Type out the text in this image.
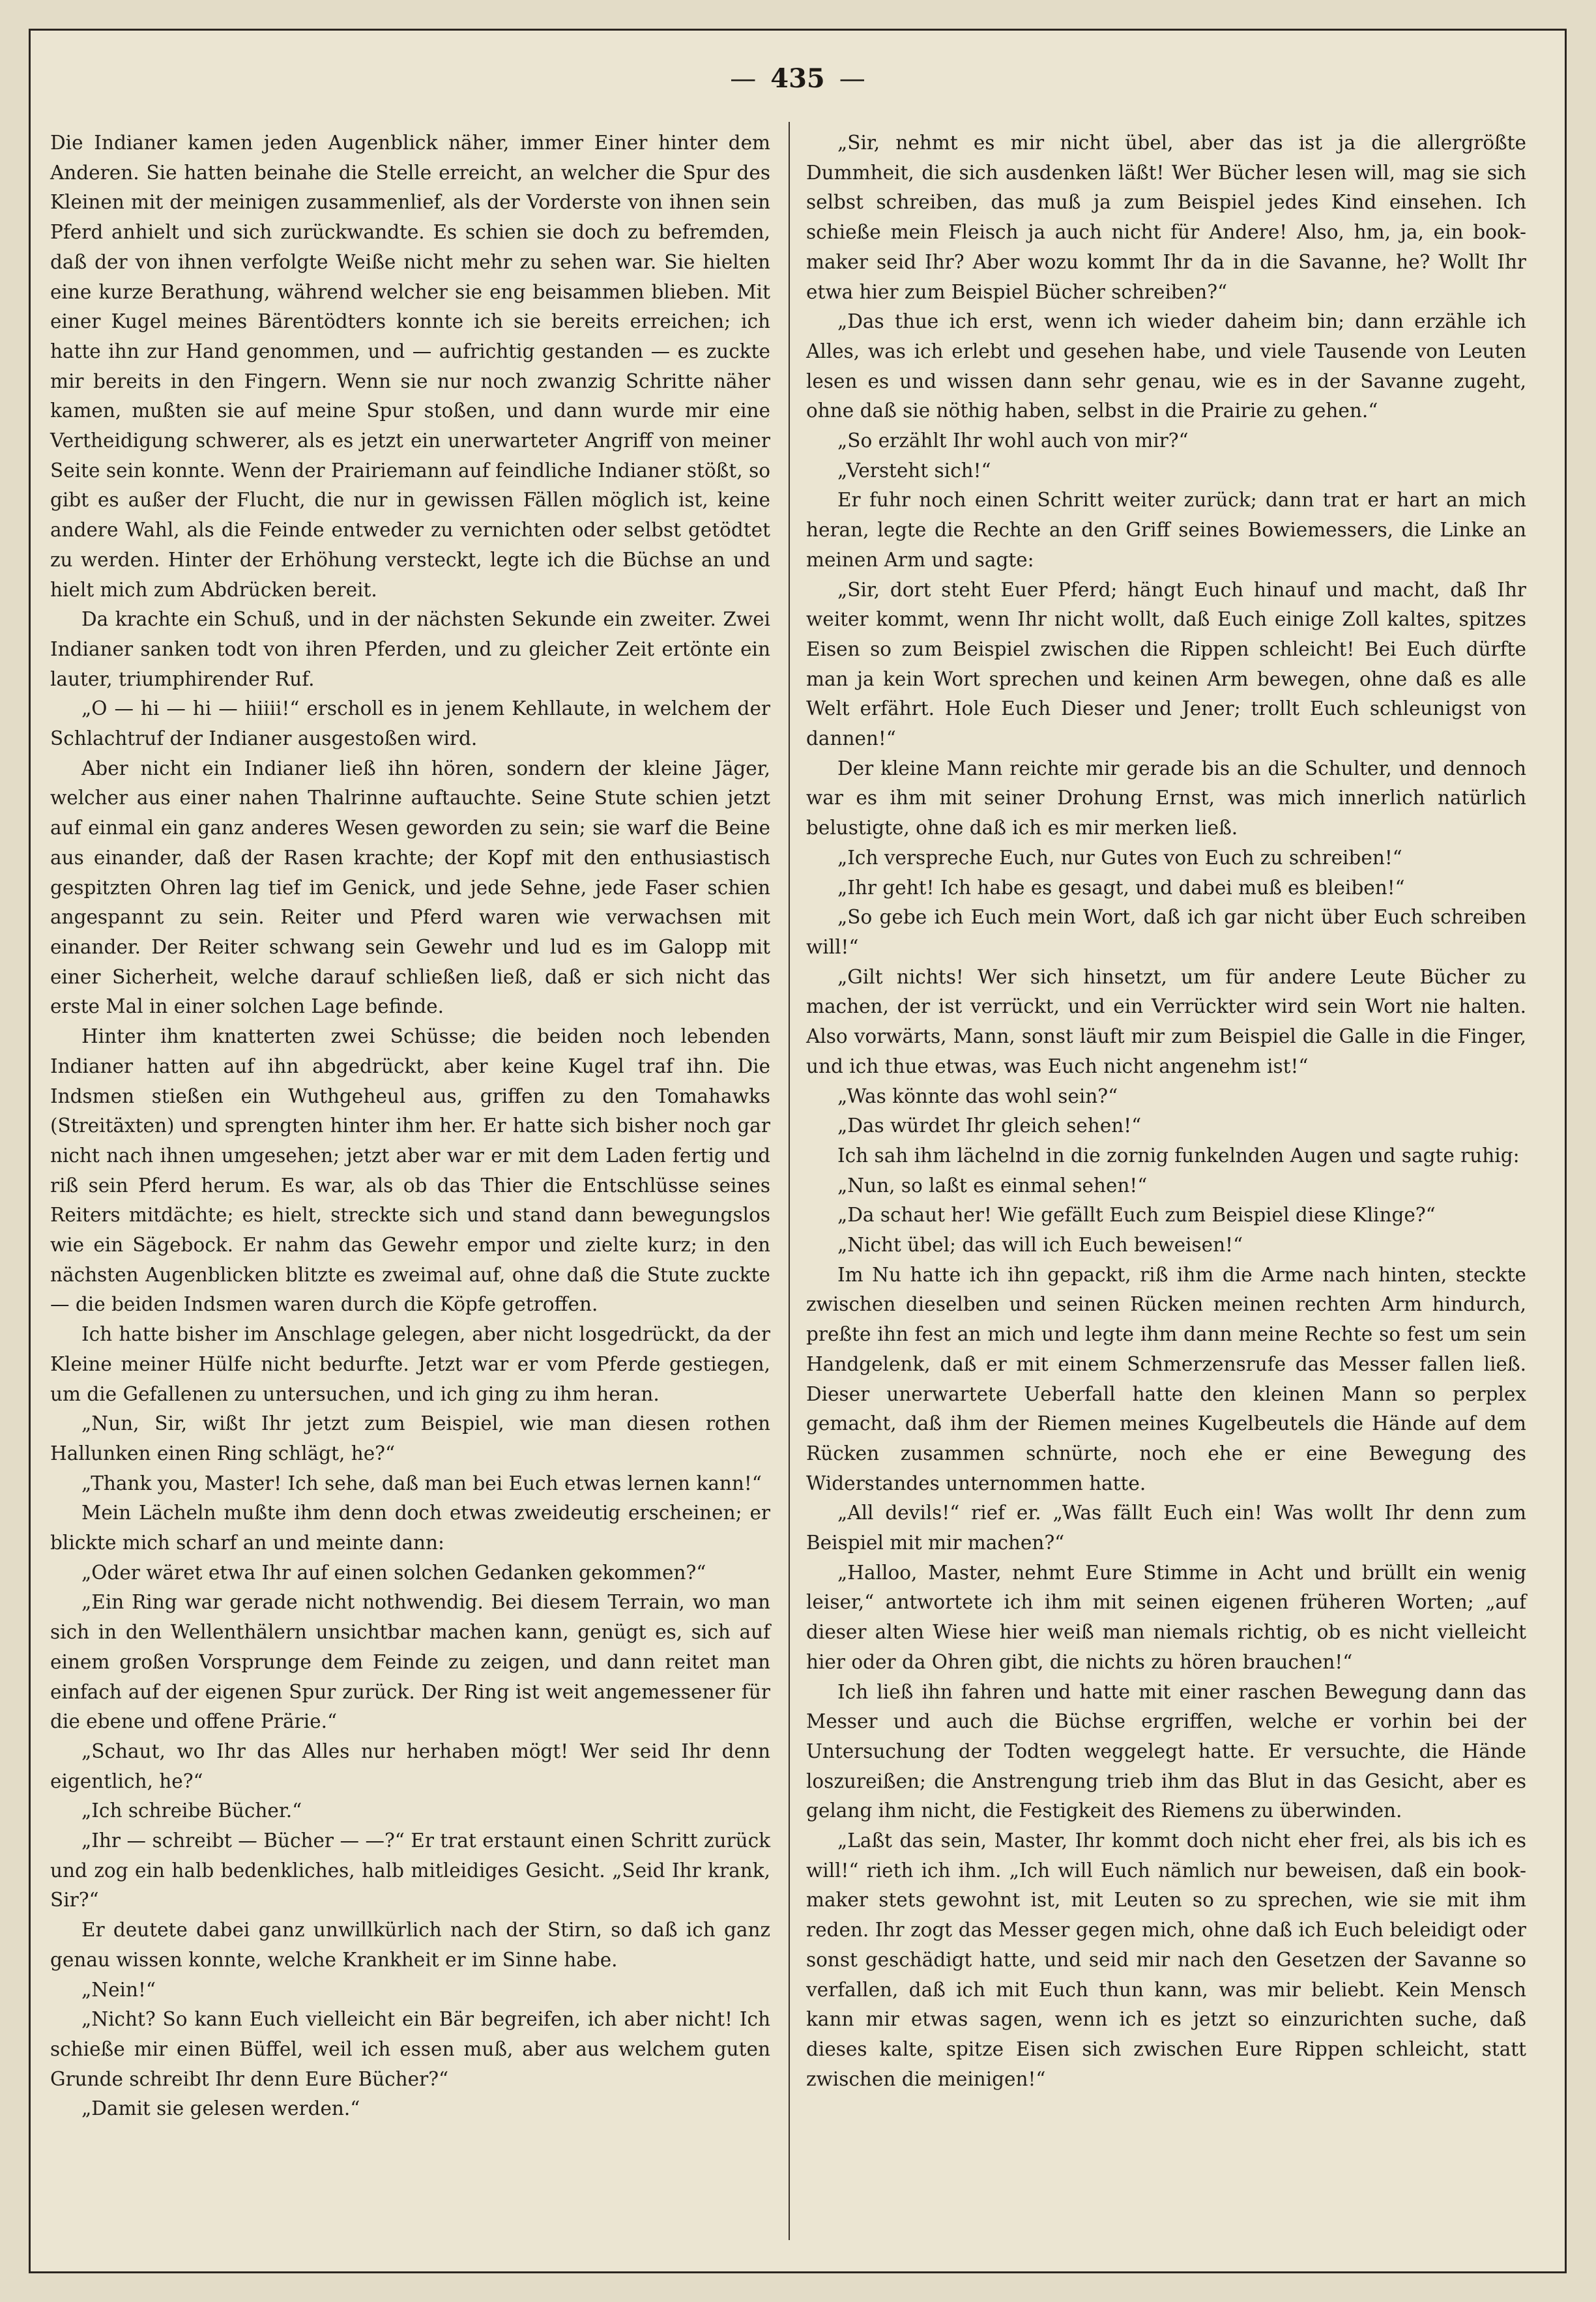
— 435 —

Die Indianer kamen jeden Augenblick näher, immer Einer hinter dem Anderen. Sie hatten beinahe die Stelle erreicht, an welcher die Spur des Kleinen mit der meinigen zusammenlief, als der Vorderste von ihnen sein Pferd anhielt und sich zurückwandte. Es schien sie doch zu befremden, daß der von ihnen verfolgte Weiße nicht mehr zu sehen war. Sie hielten eine kurze Berathung, während welcher sie eng beisammen blieben. Mit einer Kugel meines Bärentödters konnte ich sie bereits erreichen; ich hatte ihn zur Hand genommen, und — aufrichtig gestanden — es zuckte mir bereits in den Fingern. Wenn sie nur noch zwanzig Schritte näher kamen, mußten sie auf meine Spur stoßen, und dann wurde mir eine Vertheidigung schwerer, als es jetzt ein unerwarteter Angriff von meiner Seite sein konnte. Wenn der Prairiemann auf feindliche Indianer stößt, so gibt es außer der Flucht, die nur in gewissen Fällen möglich ist, keine andere Wahl, als die Feinde entweder zu vernichten oder selbst getödtet zu werden. Hinter der Erhöhung versteckt, legte ich die Büchse an und hielt mich zum Abdrücken bereit.

Da krachte ein Schuß, und in der nächsten Sekunde ein zweiter. Zwei Indianer sanken todt von ihren Pferden, und zu gleicher Zeit ertönte ein lauter, triumphirender Ruf.

„O — hi — hi — hiiii!“ erscholl es in jenem Kehllaute, in welchem der Schlachtruf der Indianer ausgestoßen wird.

Aber nicht ein Indianer ließ ihn hören, sondern der kleine Jäger, welcher aus einer nahen Thalrinne auftauchte. Seine Stute schien jetzt auf einmal ein ganz anderes Wesen geworden zu sein; sie warf die Beine aus einander, daß der Rasen krachte; der Kopf mit den enthusiastisch gespitzten Ohren lag tief im Genick, und jede Sehne, jede Faser schien angespannt zu sein. Reiter und Pferd waren wie verwachsen mit einander. Der Reiter schwang sein Gewehr und lud es im Galopp mit einer Sicherheit, welche darauf schließen ließ, daß er sich nicht das erste Mal in einer solchen Lage befinde.

Hinter ihm knatterten zwei Schüsse; die beiden noch lebenden Indianer hatten auf ihn abgedrückt, aber keine Kugel traf ihn. Die Indsmen stießen ein Wuthgeheul aus, griffen zu den Tomahawks (Streitäxten) und sprengten hinter ihm her. Er hatte sich bisher noch gar nicht nach ihnen umgesehen; jetzt aber war er mit dem Laden fertig und riß sein Pferd herum. Es war, als ob das Thier die Entschlüsse seines Reiters mitdächte; es hielt, streckte sich und stand dann bewegungslos wie ein Sägebock. Er nahm das Gewehr empor und zielte kurz; in den nächsten Augenblicken blitzte es zweimal auf, ohne daß die Stute zuckte — die beiden Indsmen waren durch die Köpfe getroffen.

Ich hatte bisher im Anschlage gelegen, aber nicht losgedrückt, da der Kleine meiner Hülfe nicht bedurfte. Jetzt war er vom Pferde gestiegen, um die Gefallenen zu untersuchen, und ich ging zu ihm heran.

„Nun, Sir, wißt Ihr jetzt zum Beispiel, wie man diesen rothen Hallunken einen Ring schlägt, he?“

„Thank you, Master! Ich sehe, daß man bei Euch etwas lernen kann!“

Mein Lächeln mußte ihm denn doch etwas zweideutig erscheinen; er blickte mich scharf an und meinte dann:

„Oder wäret etwa Ihr auf einen solchen Gedanken gekommen?“

„Ein Ring war gerade nicht nothwendig. Bei diesem Terrain, wo man sich in den Wellenthälern unsichtbar machen kann, genügt es, sich auf einem großen Vorsprunge dem Feinde zu zeigen, und dann reitet man einfach auf der eigenen Spur zurück. Der Ring ist weit angemessener für die ebene und offene Prärie.“

„Schaut, wo Ihr das Alles nur herhaben mögt! Wer seid Ihr denn eigentlich, he?“

„Ich schreibe Bücher.“

„Ihr — schreibt — Bücher — —?“ Er trat erstaunt einen Schritt zurück und zog ein halb bedenkliches, halb mitleidiges Gesicht. „Seid Ihr krank, Sir?“

Er deutete dabei ganz unwillkürlich nach der Stirn, so daß ich ganz genau wissen konnte, welche Krankheit er im Sinne habe.

„Nein!“

„Nicht? So kann Euch vielleicht ein Bär begreifen, ich aber nicht! Ich schieße mir einen Büffel, weil ich essen muß, aber aus welchem guten Grunde schreibt Ihr denn Eure Bücher?“

„Damit sie gelesen werden.“

„Sir, nehmt es mir nicht übel, aber das ist ja die allergrößte Dummheit, die sich ausdenken läßt! Wer Bücher lesen will, mag sie sich selbst schreiben, das muß ja zum Beispiel jedes Kind einsehen. Ich schieße mein Fleisch ja auch nicht für Andere! Also, hm, ja, ein book-maker seid Ihr? Aber wozu kommt Ihr da in die Savanne, he? Wollt Ihr etwa hier zum Beispiel Bücher schreiben?“

„Das thue ich erst, wenn ich wieder daheim bin; dann erzähle ich Alles, was ich erlebt und gesehen habe, und viele Tausende von Leuten lesen es und wissen dann sehr genau, wie es in der Savanne zugeht, ohne daß sie nöthig haben, selbst in die Prairie zu gehen.“

„So erzählt Ihr wohl auch von mir?“

„Versteht sich!“

Er fuhr noch einen Schritt weiter zurück; dann trat er hart an mich heran, legte die Rechte an den Griff seines Bowiemessers, die Linke an meinen Arm und sagte:

„Sir, dort steht Euer Pferd; hängt Euch hinauf und macht, daß Ihr weiter kommt, wenn Ihr nicht wollt, daß Euch einige Zoll kaltes, spitzes Eisen so zum Beispiel zwischen die Rippen schleicht! Bei Euch dürfte man ja kein Wort sprechen und keinen Arm bewegen, ohne daß es alle Welt erfährt. Hole Euch Dieser und Jener; trollt Euch schleunigst von dannen!“

Der kleine Mann reichte mir gerade bis an die Schulter, und dennoch war es ihm mit seiner Drohung Ernst, was mich innerlich natürlich belustigte, ohne daß ich es mir merken ließ.

„Ich verspreche Euch, nur Gutes von Euch zu schreiben!“

„Ihr geht! Ich habe es gesagt, und dabei muß es bleiben!“

„So gebe ich Euch mein Wort, daß ich gar nicht über Euch schreiben will!“

„Gilt nichts! Wer sich hinsetzt, um für andere Leute Bücher zu machen, der ist verrückt, und ein Verrückter wird sein Wort nie halten. Also vorwärts, Mann, sonst läuft mir zum Beispiel die Galle in die Finger, und ich thue etwas, was Euch nicht angenehm ist!“

„Was könnte das wohl sein?“

„Das würdet Ihr gleich sehen!“

Ich sah ihm lächelnd in die zornig funkelnden Augen und sagte ruhig:

„Nun, so laßt es einmal sehen!“

„Da schaut her! Wie gefällt Euch zum Beispiel diese Klinge?“

„Nicht übel; das will ich Euch beweisen!“

Im Nu hatte ich ihn gepackt, riß ihm die Arme nach hinten, steckte zwischen dieselben und seinen Rücken meinen rechten Arm hindurch, preßte ihn fest an mich und legte ihm dann meine Rechte so fest um sein Handgelenk, daß er mit einem Schmerzensrufe das Messer fallen ließ. Dieser unerwartete Ueberfall hatte den kleinen Mann so perplex gemacht, daß ihm der Riemen meines Kugelbeutels die Hände auf dem Rücken zusammen schnürte, noch ehe er eine Bewegung des Widerstandes unternommen hatte.

„All devils!“ rief er. „Was fällt Euch ein! Was wollt Ihr denn zum Beispiel mit mir machen?“

„Halloo, Master, nehmt Eure Stimme in Acht und brüllt ein wenig leiser,“ antwortete ich ihm mit seinen eigenen früheren Worten; „auf dieser alten Wiese hier weiß man niemals richtig, ob es nicht vielleicht hier oder da Ohren gibt, die nichts zu hören brauchen!“

Ich ließ ihn fahren und hatte mit einer raschen Bewegung dann das Messer und auch die Büchse ergriffen, welche er vorhin bei der Untersuchung der Todten weggelegt hatte. Er versuchte, die Hände loszureißen; die Anstrengung trieb ihm das Blut in das Gesicht, aber es gelang ihm nicht, die Festigkeit des Riemens zu überwinden.

„Laßt das sein, Master, Ihr kommt doch nicht eher frei, als bis ich es will!“ rieth ich ihm. „Ich will Euch nämlich nur beweisen, daß ein book-maker stets gewohnt ist, mit Leuten so zu sprechen, wie sie mit ihm reden. Ihr zogt das Messer gegen mich, ohne daß ich Euch beleidigt oder sonst geschädigt hatte, und seid mir nach den Gesetzen der Savanne so verfallen, daß ich mit Euch thun kann, was mir beliebt. Kein Mensch kann mir etwas sagen, wenn ich es jetzt so einzurichten suche, daß dieses kalte, spitze Eisen sich zwischen Eure Rippen schleicht, statt zwischen die meinigen!“
